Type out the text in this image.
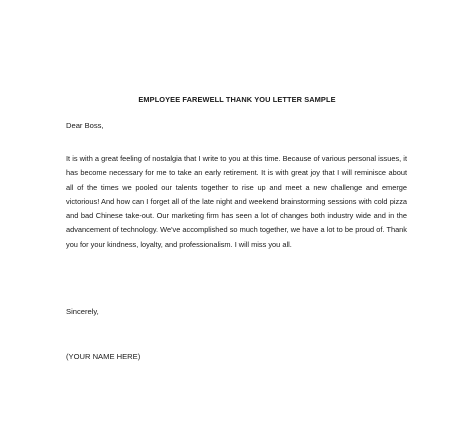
EMPLOYEE FAREWELL THANK YOU LETTER SAMPLE
Dear Boss,

It is with a great feeling of nostalgia that I write to you at this time. Because of various personal issues, it has become necessary for me to take an early retirement. It is with great joy that I will reminisce about all of the times we pooled our talents together to rise up and meet a new challenge and emerge victorious! And how can I forget all of the late night and weekend brainstorming sessions with cold pizza and bad Chinese take-out. Our marketing firm has seen a lot of changes both industry wide and in the advancement of technology. We've accomplished so much together, we have a lot to be proud of. Thank you for your kindness, loyalty, and professionalism. I will miss you all.

Sincerely,
(YOUR NAME HERE)
